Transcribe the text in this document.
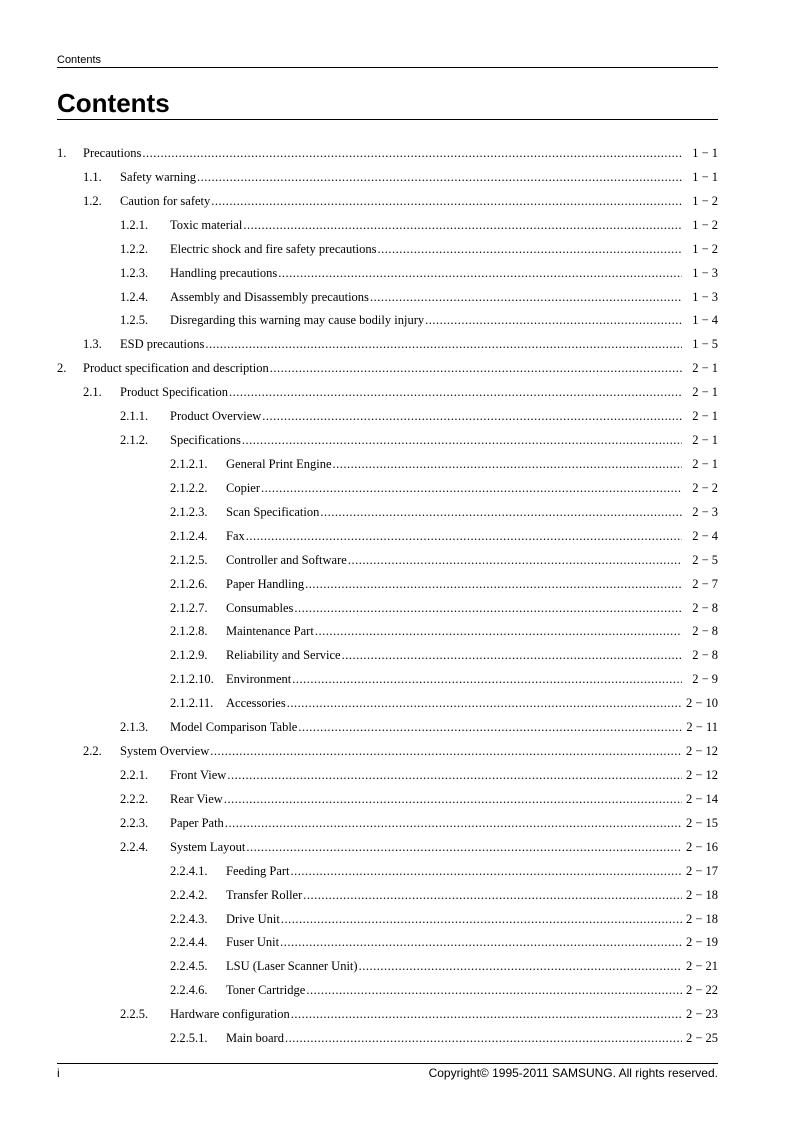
Contents
Contents
1. Precautions .....	1 − 1
1.1. Safety warning .....	1 − 1
1.2. Caution for safety .....	1 − 2
1.2.1. Toxic material .....	1 − 2
1.2.2. Electric shock and fire safety precautions .....	1 − 2
1.2.3. Handling precautions .....	1 − 3
1.2.4. Assembly and Disassembly precautions .....	1 − 3
1.2.5. Disregarding this warning may cause bodily injury .....	1 − 4
1.3. ESD precautions .....	1 − 5
2. Product specification and description .....	2 − 1
2.1. Product Specification .....	2 − 1
2.1.1. Product Overview .....	2 − 1
2.1.2. Specifications .....	2 − 1
2.1.2.1. General Print Engine .....	2 − 1
2.1.2.2. Copier .....	2 − 2
2.1.2.3. Scan Specification .....	2 − 3
2.1.2.4. Fax .....	2 − 4
2.1.2.5. Controller and Software .....	2 − 5
2.1.2.6. Paper Handling .....	2 − 7
2.1.2.7. Consumables .....	2 − 8
2.1.2.8. Maintenance Part .....	2 − 8
2.1.2.9. Reliability and Service .....	2 − 8
2.1.2.10. Environment .....	2 − 9
2.1.2.11. Accessories .....	2 − 10
2.1.3. Model Comparison Table .....	2 − 11
2.2. System Overview .....	2 − 12
2.2.1. Front View .....	2 − 12
2.2.2. Rear View .....	2 − 14
2.2.3. Paper Path .....	2 − 15
2.2.4. System Layout .....	2 − 16
2.2.4.1. Feeding Part .....	2 − 17
2.2.4.2. Transfer Roller .....	2 − 18
2.2.4.3. Drive Unit .....	2 − 18
2.2.4.4. Fuser Unit .....	2 − 19
2.2.4.5. LSU (Laser Scanner Unit) .....	2 − 21
2.2.4.6. Toner Cartridge .....	2 − 22
2.2.5. Hardware configuration .....	2 − 23
2.2.5.1. Main board .....	2 − 25
i	Copyright© 1995-2011 SAMSUNG. All rights reserved.
